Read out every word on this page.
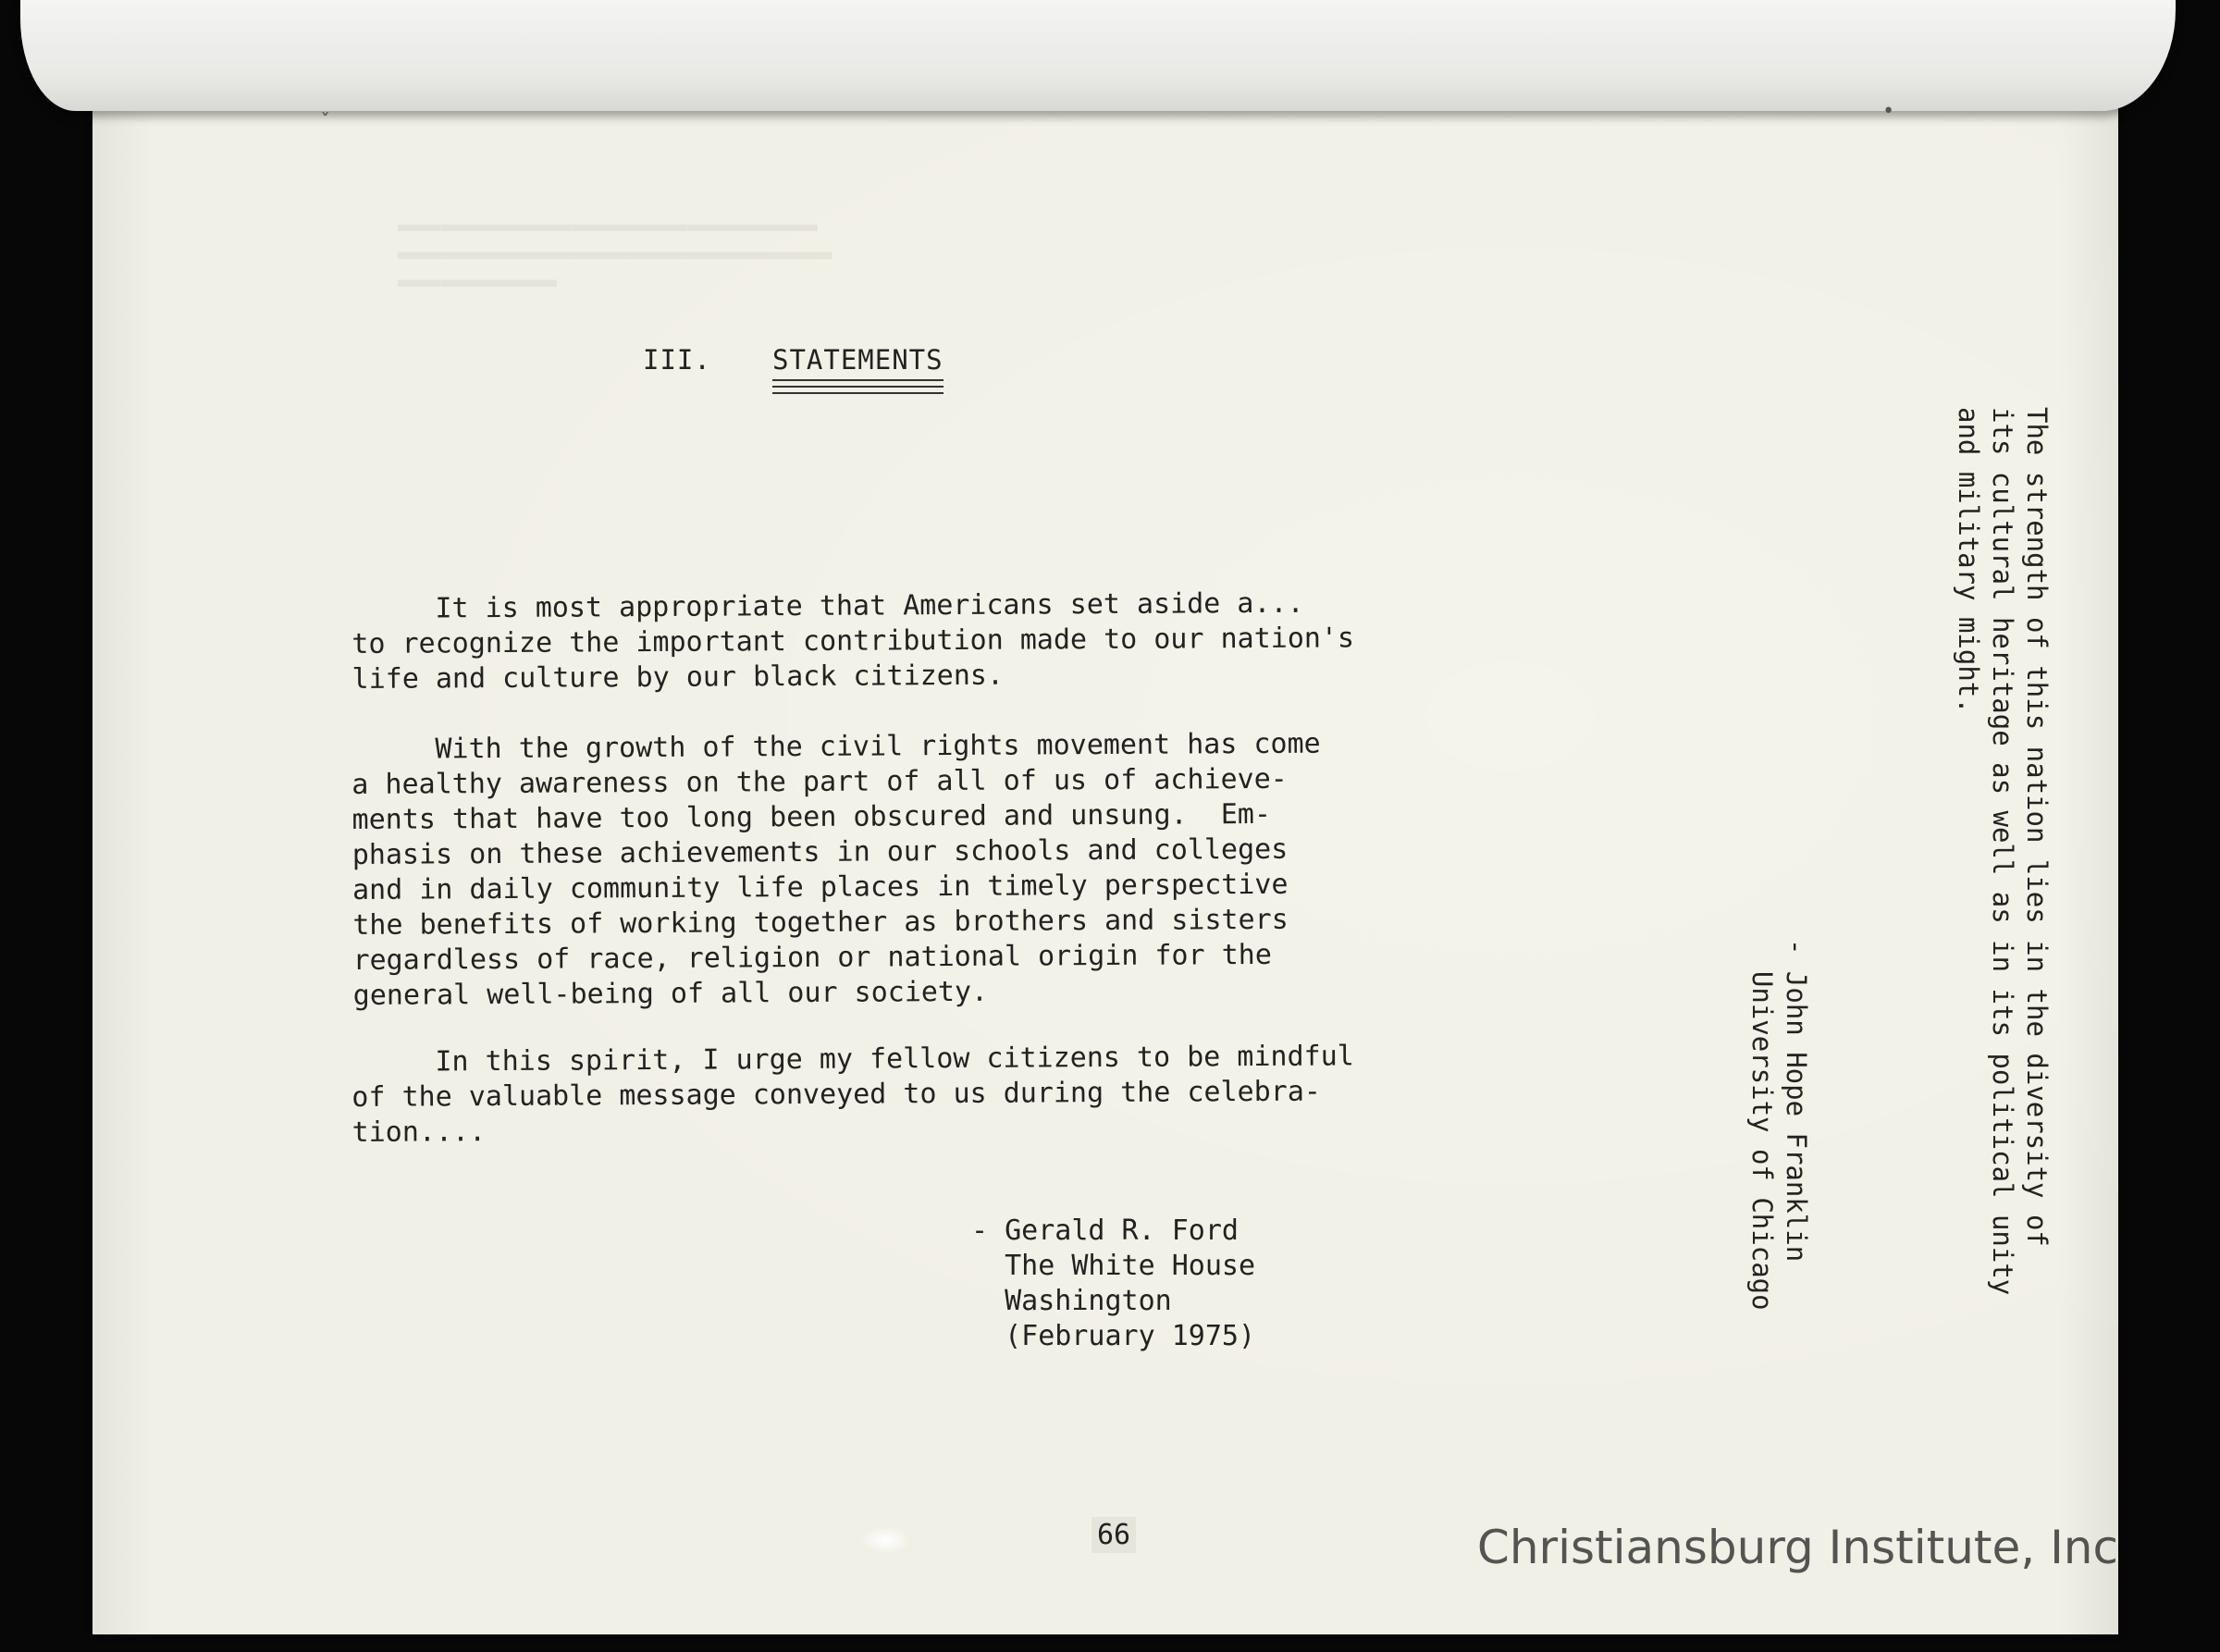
▬▬▬▬▬▬▬▬▬▬▬▬▬▬▬▬▬▬▬▬▬▬▬▬▬▬▬▬▬
▬▬▬▬▬▬▬▬▬▬▬▬▬▬▬▬▬▬▬▬▬▬▬▬▬▬▬▬▬▬
▬▬▬▬▬▬▬▬▬▬▬
ˇ	•
III. STATEMENTS
It is most appropriate that Americans set aside a...
to recognize the important contribution made to our nation's
life and culture by our black citizens.
With the growth of the civil rights movement has come
a healthy awareness on the part of all of us of achieve-
ments that have too long been obscured and unsung.  Em-
phasis on these achievements in our schools and colleges
and in daily community life places in timely perspective
the benefits of working together as brothers and sisters
regardless of race, religion or national origin for the
general well-being of all our society.
In this spirit, I urge my fellow citizens to be mindful
of the valuable message conveyed to us during the celebra-
tion....
- Gerald R. Ford
The White House
Washington
(February 1975)
The strength of this nation lies in the diversity of
its cultural heritage as well as in its political unity
and military might.
- John Hope Franklin
University of Chicago
66	Christiansburg Institute, Inc
